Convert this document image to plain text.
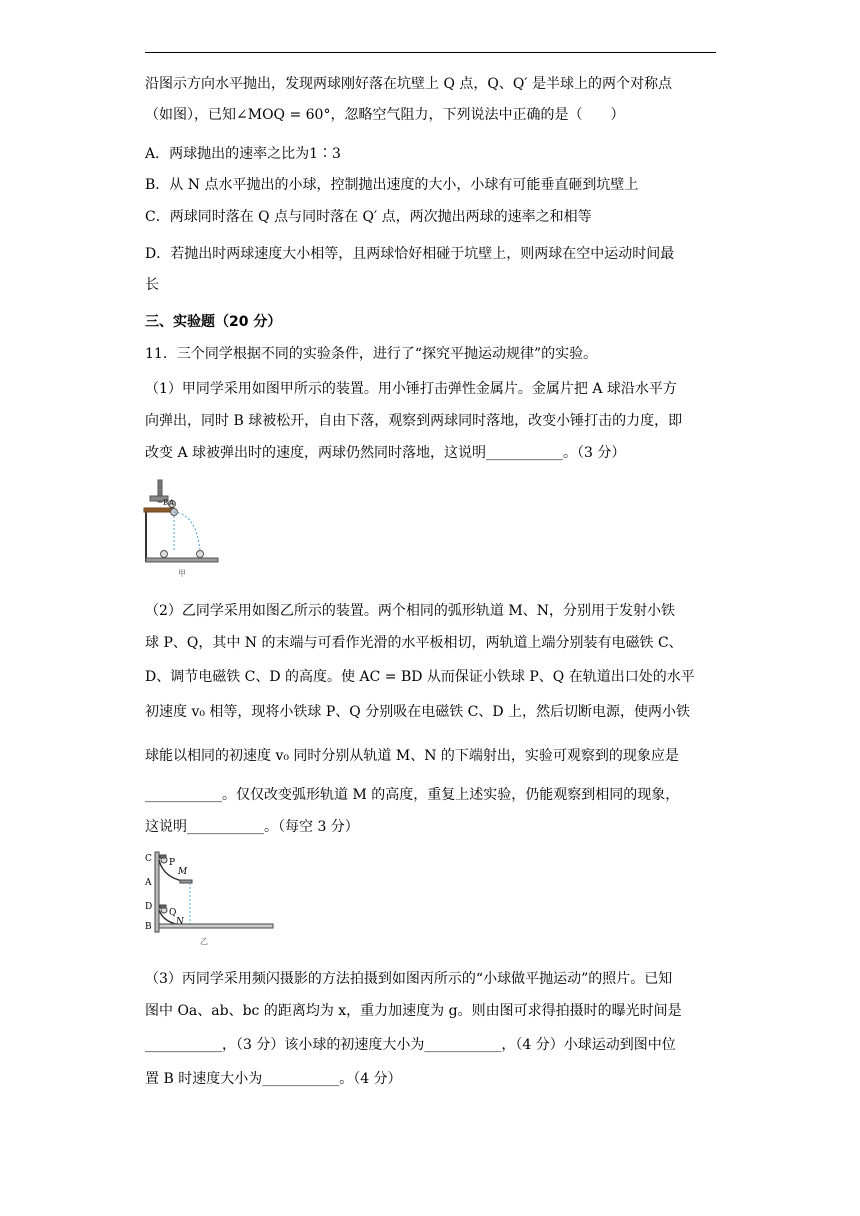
沿图示方向水平抛出，发现两球刚好落在坑壁上 Q 点，Q、Q′ 是半球上的两个对称点
（如图），已知∠MOQ = 60°，忽略空气阻力，下列说法中正确的是（　　）
A．两球抛出的速率之比为1∶3
B．从 N 点水平抛出的小球，控制抛出速度的大小，小球有可能垂直砸到坑壁上
C．两球同时落在 Q 点与同时落在 Q′ 点，两次抛出两球的速率之和相等
D．若抛出时两球速度大小相等，且两球恰好相碰于坑壁上，则两球在空中运动时间最
长
三、实验题（20 分）
11．三个同学根据不同的实验条件，进行了“探究平抛运动规律”的实验。
（1）甲同学采用如图甲所示的装置。用小锤打击弹性金属片。金属片把 A 球沿水平方
向弹出，同时 B 球被松开，自由下落，观察到两球同时落地，改变小锤打击的力度，即
改变 A 球被弹出时的速度，两球仍然同时落地，这说明___________。（3 分）
B A
甲
（2）乙同学采用如图乙所示的装置。两个相同的弧形轨道 M、N，分别用于发射小铁
球 P、Q，其中 N 的末端与可看作光滑的水平板相切，两轨道上端分别装有电磁铁 C、
D、调节电磁铁 C、D 的高度。使 AC = BD 从而保证小铁球 P、Q 在轨道出口处的水平
初速度 v₀ 相等，现将小铁球 P、Q 分别吸在电磁铁 C、D 上，然后切断电源，使两小铁
球能以相同的初速度 v₀ 同时分别从轨道 M、N 的下端射出，实验可观察到的现象应是
___________。仅仅改变弧形轨道 M 的高度，重复上述实验，仍能观察到相同的现象，
这说明___________。（每空 3 分）
C P
M
A
D
Q
N
B
乙
（3）丙同学采用频闪摄影的方法拍摄到如图丙所示的“小球做平抛运动”的照片。已知
图中 Oa、ab、bc 的距离均为 x，重力加速度为 g。则由图可求得拍摄时的曝光时间是
___________，（3 分）该小球的初速度大小为___________，（4 分）小球运动到图中位
置 B 时速度大小为___________。（4 分）
